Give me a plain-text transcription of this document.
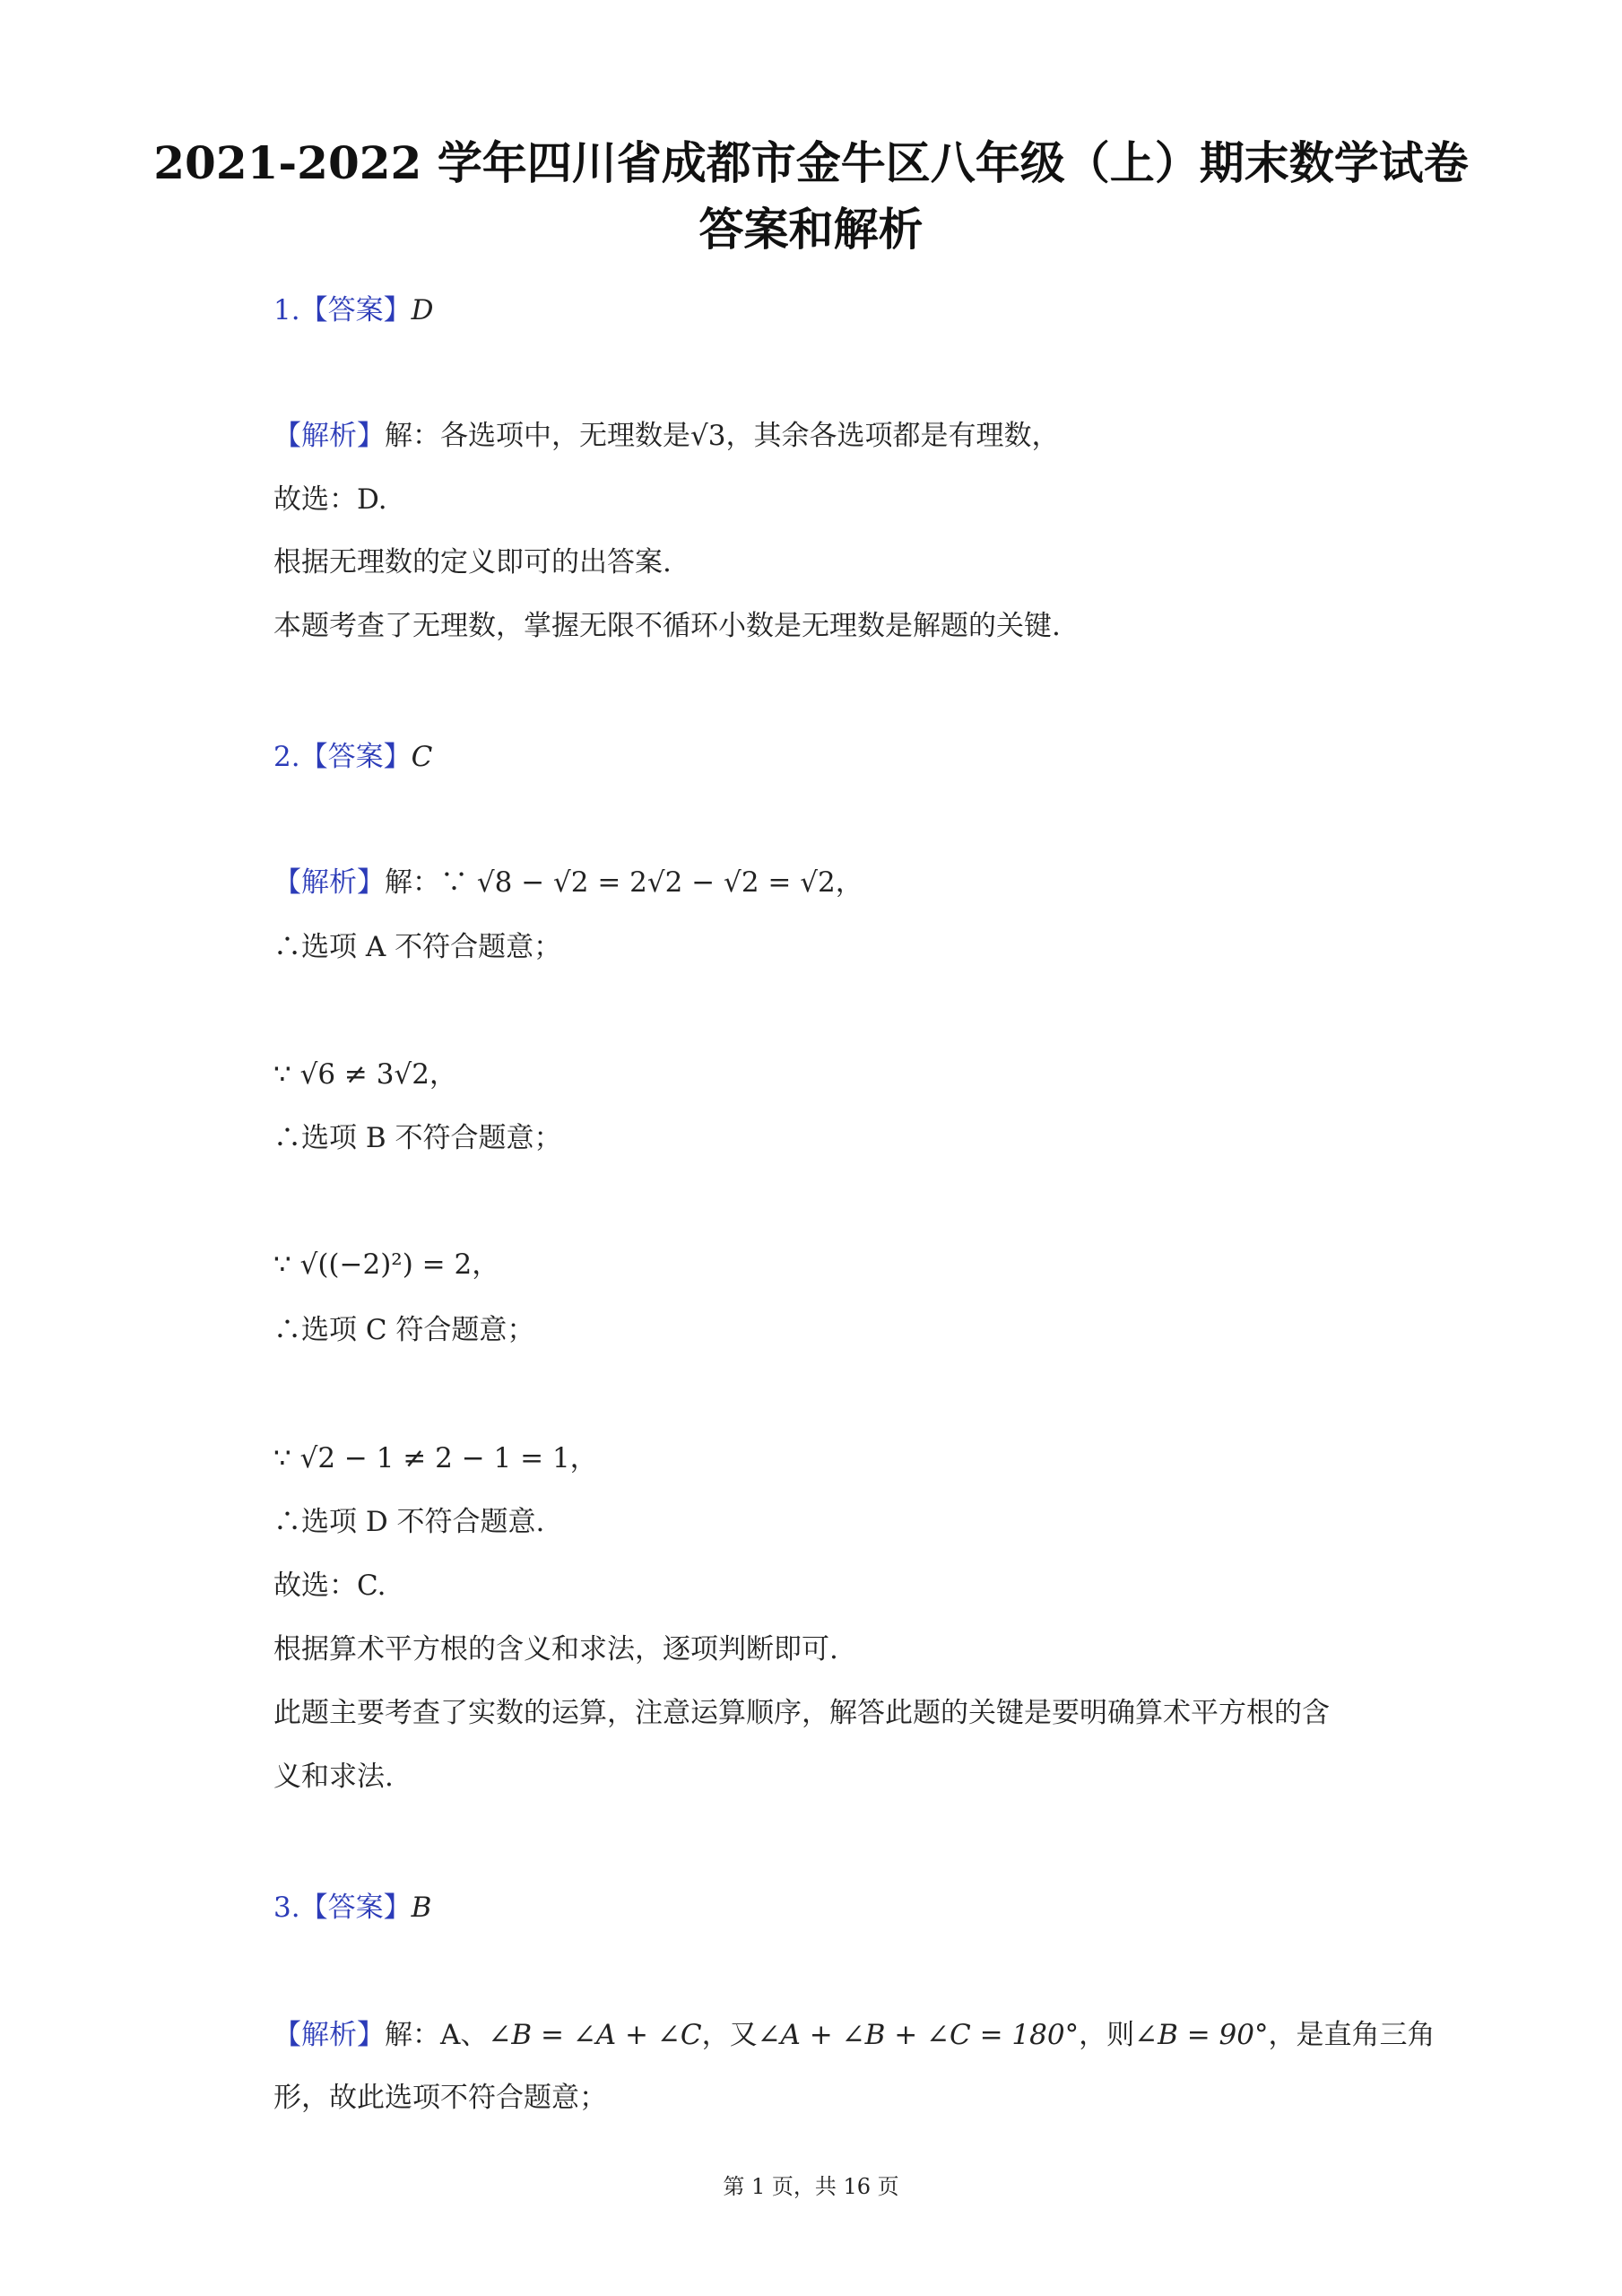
2021-2022 学年四川省成都市金牛区八年级（上）期末数学试卷
答案和解析
1.【答案】D
【解析】解：各选项中，无理数是√3，其余各选项都是有理数，
故选：D.
根据无理数的定义即可的出答案.
本题考查了无理数，掌握无限不循环小数是无理数是解题的关键.
2.【答案】C
【解析】解：∵ √8 − √2 = 2√2 − √2 = √2，
∴选项 A 不符合题意；
∵ √6 ≠ 3√2，
∴选项 B 不符合题意；
∵ √((−2)²) = 2，
∴选项 C 符合题意；
∵ √2 − 1 ≠ 2 − 1 = 1，
∴选项 D 不符合题意.
故选：C.
根据算术平方根的含义和求法，逐项判断即可.
此题主要考查了实数的运算，注意运算顺序，解答此题的关键是要明确算术平方根的含
义和求法.
3.【答案】B
【解析】解：A、∠B = ∠A + ∠C，又∠A + ∠B + ∠C = 180°，则∠B = 90°，是直角三角
形，故此选项不符合题意；
第 1 页，共 16 页
